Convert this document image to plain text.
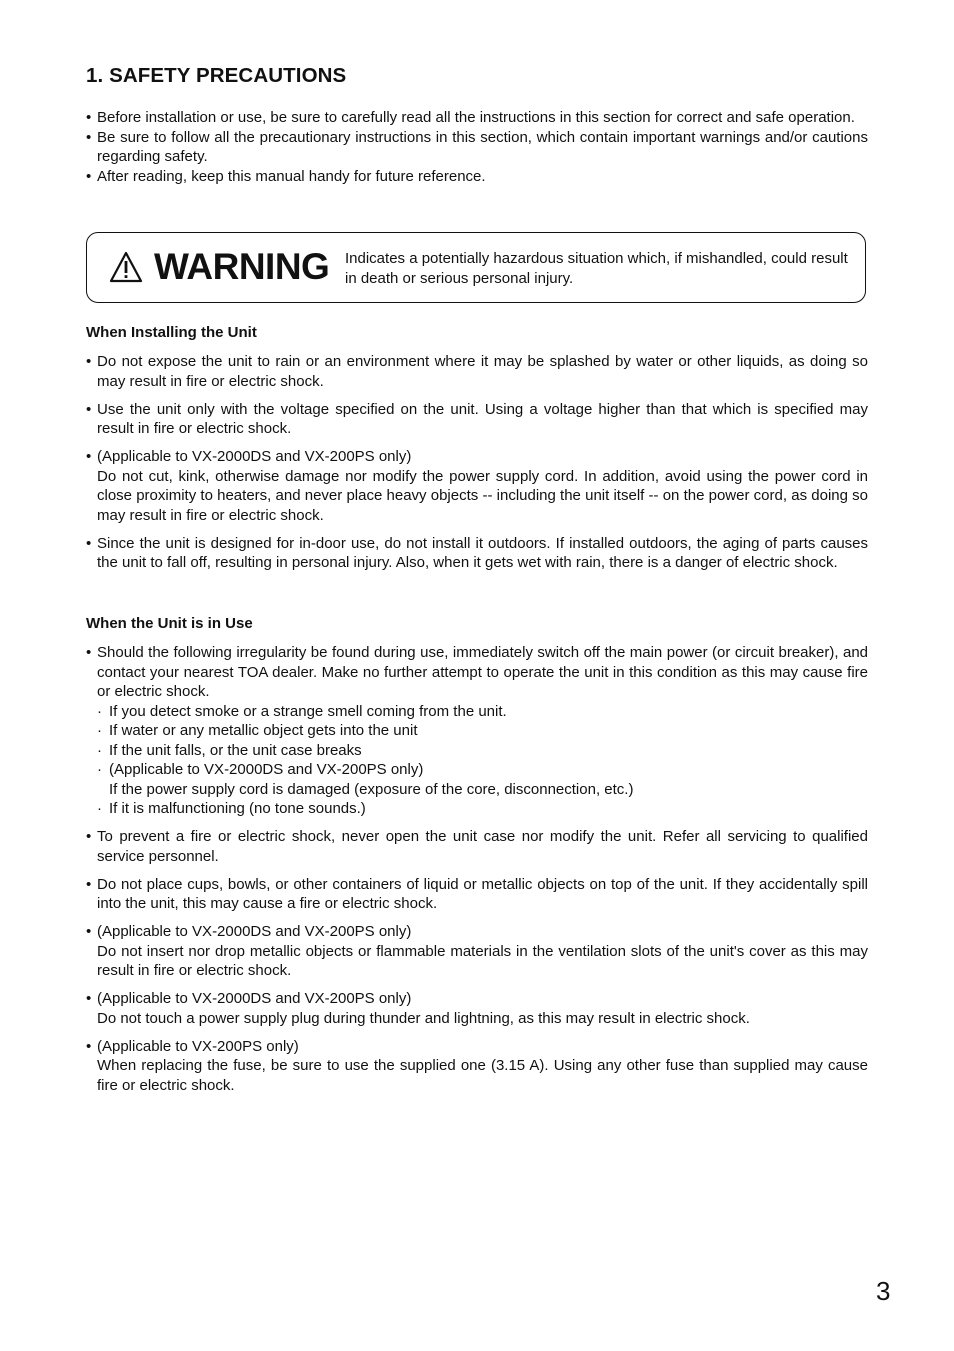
1. SAFETY PRECAUTIONS
• Before installation or use, be sure to carefully read all the instructions in this section for correct and safe operation.
• Be sure to follow all the precautionary instructions in this section, which contain important warnings and/or cautions regarding safety.
• After reading, keep this manual handy for future reference.
WARNING Indicates a potentially hazardous situation which, if mishandled, could result in death or serious personal injury.
When Installing the Unit
• Do not expose the unit to rain or an environment where it may be splashed by water or other liquids, as doing so may result in fire or electric shock.
• Use the unit only with the voltage specified on the unit. Using a voltage higher than that which is specified may result in fire or electric shock.
• (Applicable to VX-2000DS and VX-200PS only)
Do not cut, kink, otherwise damage nor modify the power supply cord. In addition, avoid using the power cord in close proximity to heaters, and never place heavy objects -- including the unit itself -- on the power cord, as doing so may result in fire or electric shock.
• Since the unit is designed for in-door use, do not install it outdoors. If installed outdoors, the aging of parts causes the unit to fall off, resulting in personal injury. Also, when it gets wet with rain, there is a danger of electric shock.
When the Unit is in Use
• Should the following irregularity be found during use, immediately switch off the main power (or circuit breaker), and contact your nearest TOA dealer. Make no further attempt to operate the unit in this condition as this may cause fire or electric shock.
· If you detect smoke or a strange smell coming from the unit.
· If water or any metallic object gets into the unit
· If the unit falls, or the unit case breaks
· (Applicable to VX-2000DS and VX-200PS only)
If the power supply cord is damaged (exposure of the core, disconnection, etc.)
· If it is malfunctioning (no tone sounds.)
• To prevent a fire or electric shock, never open the unit case nor modify the unit. Refer all servicing to qualified service personnel.
• Do not place cups, bowls, or other containers of liquid or metallic objects on top of the unit. If they accidentally spill into the unit, this may cause a fire or electric shock.
• (Applicable to VX-2000DS and VX-200PS only)
Do not insert nor drop metallic objects or flammable materials in the ventilation slots of the unit's cover as this may result in fire or electric shock.
• (Applicable to VX-2000DS and VX-200PS only)
Do not touch a power supply plug during thunder and lightning, as this may result in electric shock.
• (Applicable to VX-200PS only)
When replacing the fuse, be sure to use the supplied one (3.15 A). Using any other fuse than supplied may cause fire or electric shock.
3
